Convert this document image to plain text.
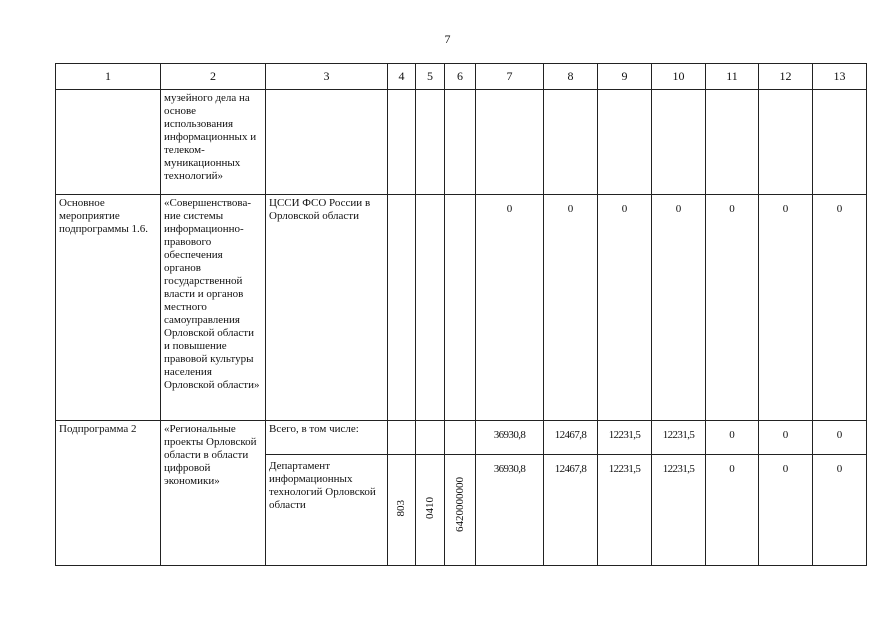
7
1	2	3	4	5	6	7	8	9	10	11	12	13

	музейного дела на основе использования информационных и телеком-муникационных технологий»											

Основное мероприятие подпрограммы 1.6.	«Совершенствова-ние системы информационно-правового обеспечения органов государственной власти и органов местного самоуправления Орловской области и повышение правовой культуры населения Орловской области»	ЦССИ ФСО России в Орловской области				0	0	0	0	0	0	0

Подпрограмма 2	«Региональные проекты Орловской области в области цифровой экономики»	Всего, в том числе:				36930,8	12467,8	12231,5	12231,5	0	0	0

		Департамент информационных технологий Орловской области	803	0410	6420000000	36930,8	12467,8	12231,5	12231,5	0	0	0
